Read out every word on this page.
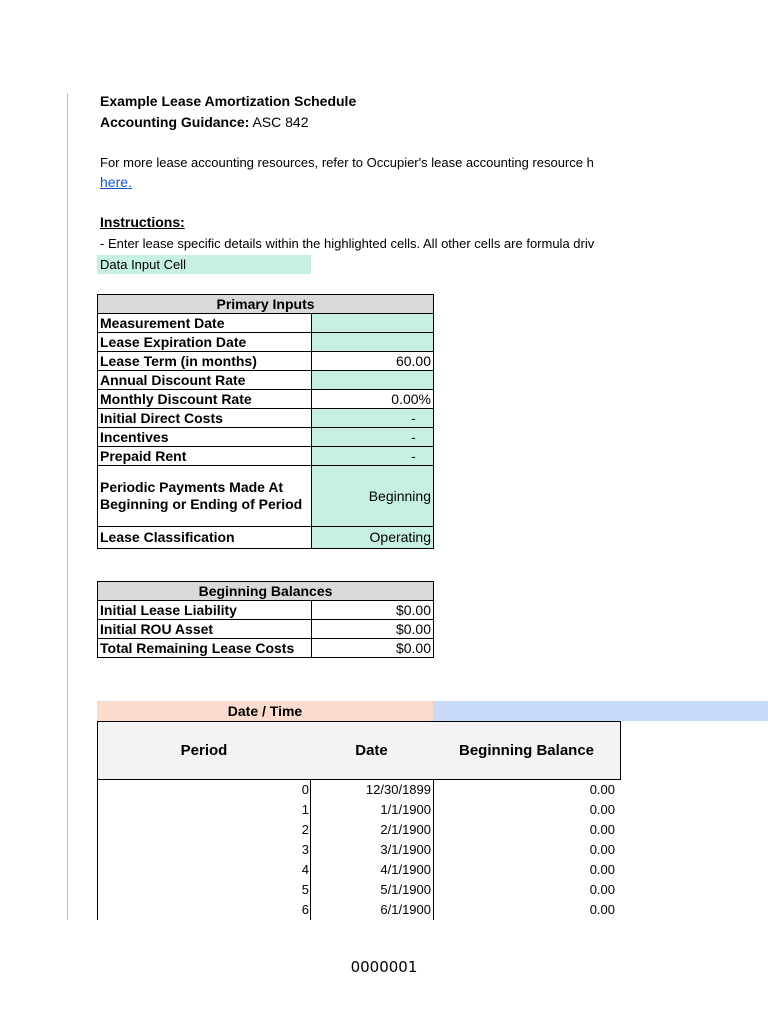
Example Lease Amortization Schedule
Accounting Guidance: ASC 842
For more lease accounting resources, refer to Occupier's lease accounting resource h
here.
Instructions:
- Enter lease specific details within the highlighted cells. All other cells are formula driv
Data Input Cell
Primary Inputs	
Measurement Date	
Lease Expiration Date	
Lease Term (in months)	60.00
Annual Discount Rate	
Monthly Discount Rate	0.00%
Initial Direct Costs	-
Incentives	-
Prepaid Rent	-
Periodic Payments Made At Beginning or Ending of Period	Beginning
Lease Classification	Operating
Beginning Balances	
Initial Lease Liability	$0.00
Initial ROU Asset	$0.00
Total Remaining Lease Costs	$0.00
Date / Time
Period	Date	Beginning Balance
0	12/30/1899	0.00
1	1/1/1900	0.00
2	2/1/1900	0.00
3	3/1/1900	0.00
4	4/1/1900	0.00
5	5/1/1900	0.00
6	6/1/1900	0.00
0000001
